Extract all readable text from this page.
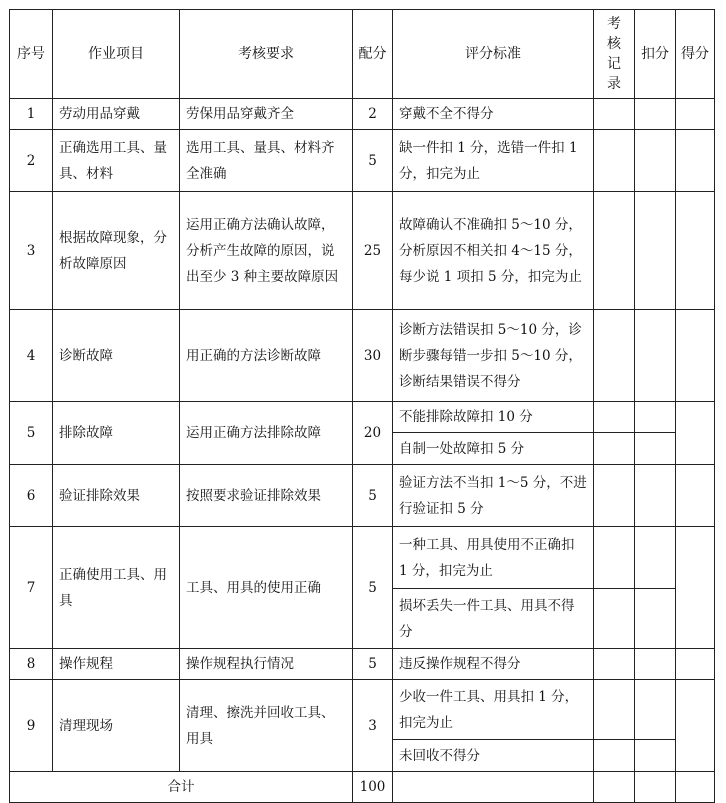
序号	作业项目	考核要求	配分	评分标准	考核记录	扣分	得分
1	劳动用品穿戴	劳保用品穿戴齐全	2	穿戴不全不得分			
2	正确选用工具、量具、材料	选用工具、量具、材料齐全准确	5	缺一件扣 1 分，选错一件扣 1 分，扣完为止			
3	根据故障现象，分析故障原因	运用正确方法确认故障，分析产生故障的原因，说出至少 3 种主要故障原因	25	故障确认不准确扣 5～10 分，分析原因不相关扣 4～15 分，每少说 1 项扣 5 分，扣完为止			
4	诊断故障	用正确的方法诊断故障	30	诊断方法错误扣 5～10 分，诊断步骤每错一步扣 5～10 分，诊断结果错误不得分			
5	排除故障	运用正确方法排除故障	20	不能排除故障扣 10 分			
				自制一处故障扣 5 分			
6	验证排除效果	按照要求验证排除效果	5	验证方法不当扣 1～5 分，不进行验证扣 5 分			
7	正确使用工具、用具	工具、用具的使用正确	5	一种工具、用具使用不正确扣 1 分，扣完为止			
				损坏丢失一件工具、用具不得分			
8	操作规程	操作规程执行情况	5	违反操作规程不得分			
9	清理现场	清理、擦洗并回收工具、用具	3	少收一件工具、用具扣 1 分，扣完为止			
				未回收不得分			
合计			100				
